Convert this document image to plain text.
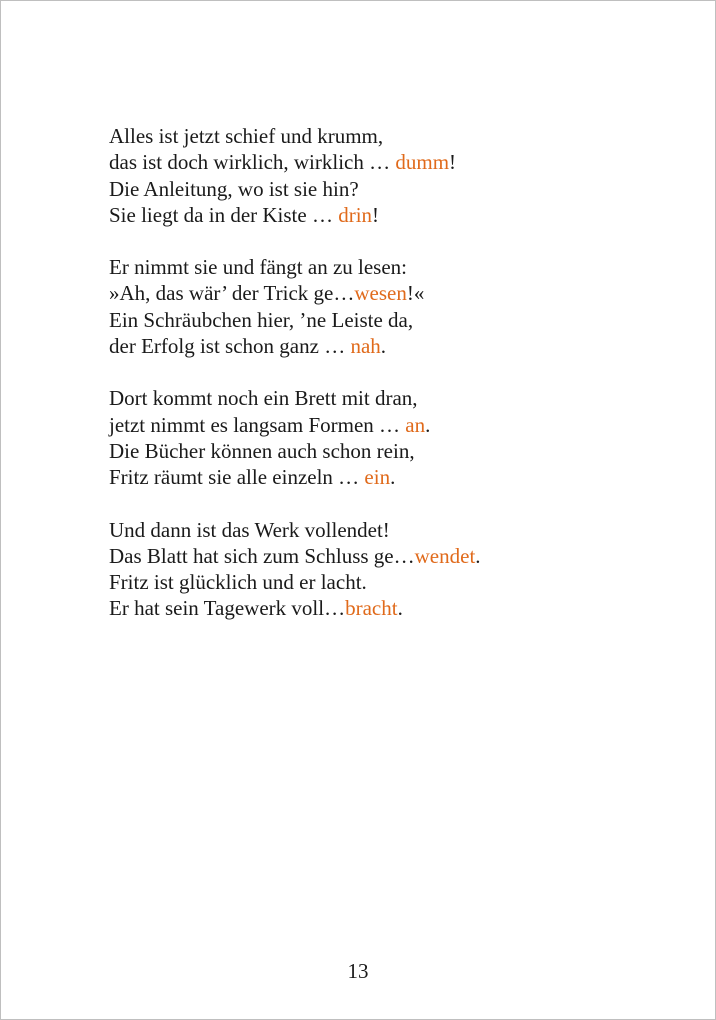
Alles ist jetzt schief und krumm,
das ist doch wirklich, wirklich … dumm!
Die Anleitung, wo ist sie hin?
Sie liegt da in der Kiste … drin!
Er nimmt sie und fängt an zu lesen:
»Ah, das wär’ der Trick ge…wesen!«
Ein Schräubchen hier, ’ne Leiste da,
der Erfolg ist schon ganz … nah.
Dort kommt noch ein Brett mit dran,
jetzt nimmt es langsam Formen … an.
Die Bücher können auch schon rein,
Fritz räumt sie alle einzeln … ein.
Und dann ist das Werk vollendet!
Das Blatt hat sich zum Schluss ge…wendet.
Fritz ist glücklich und er lacht.
Er hat sein Tagewerk voll…bracht.
13
